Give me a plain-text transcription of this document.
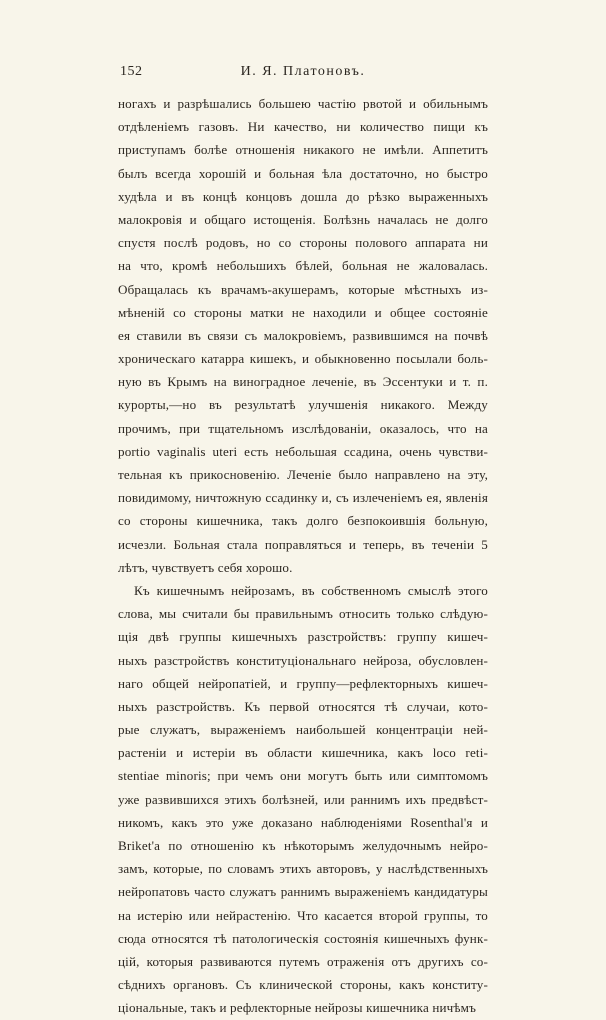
152	И. Я. Платоновъ.
ногахъ и разрѣшались большею частію рвотой и обильнымъ
отдѣленіемъ газовъ. Ни качество, ни количество пищи къ
приступамъ болѣе отношенія никакого не имѣли. Аппетитъ
былъ всегда хорошій и больная ѣла достаточно, но быстро
худѣла и въ концѣ концовъ дошла до рѣзко выраженныхъ
малокровія и общаго истощенія. Болѣзнь началась не долго
спустя послѣ родовъ, но со стороны полового аппарата ни
на что, кромѣ небольшихъ бѣлей, больная не жаловалась.
Обращалась къ врачамъ-акушерамъ, которые мѣстныхъ из-
мѣненій со стороны матки не находили и общее состояніе
ея ставили въ связи съ малокровіемъ, развившимся на почвѣ
хроническаго катарра кишекъ, и обыкновенно посылали боль-
ную въ Крымъ на виноградное леченіе, въ Эссентуки и т. п.
курорты,—но въ результатѣ улучшенія никакого. Между
прочимъ, при тщательномъ изслѣдованіи, оказалось, что на
portio vaginalis uteri есть небольшая ссадина, очень чувстви-
тельная къ прикосновенію. Леченіе было направлено на эту,
повидимому, ничтожную ссадинку и, съ излеченіемъ ея, явленія
со стороны кишечника, такъ долго безпокоившія больную,
исчезли. Больная стала поправляться и теперь, въ теченіи 5
лѣтъ, чувствуетъ себя хорошо.
Къ кишечнымъ нейрозамъ, въ собственномъ смыслѣ этого
слова, мы считали бы правильнымъ относить только слѣдую-
щія двѣ группы кишечныхъ разстройствъ: группу кишеч-
ныхъ разстройствъ конституціональнаго нейроза, обусловлен-
наго общей нейропатіей, и группу—рефлекторныхъ кишеч-
ныхъ разстройствъ. Къ первой относятся тѣ случаи, кото-
рые служатъ, выраженіемъ наибольшей концентраціи ней-
растеніи и истеріи въ области кишечника, какъ loco reti-
stentiae minoris; при чемъ они могутъ быть или симптомомъ
уже развившихся этихъ болѣзней, или раннимъ ихъ предвѣст-
никомъ, какъ это уже доказано наблюденіями Rosenthal'я и
Briket'а по отношенію къ нѣкоторымъ желудочнымъ нейро-
замъ, которые, по словамъ этихъ авторовъ, у наслѣдственныхъ
нейропатовъ часто служатъ раннимъ выраженіемъ кандидатуры
на истерію или нейрастенію. Что касается второй группы, то
сюда относятся тѣ патологическія состоянія кишечныхъ функ-
цій, которыя развиваются путемъ отраженія отъ другихъ со-
сѣднихъ органовъ. Съ клинической стороны, какъ конститу-
ціональные, такъ и рефлекторные нейрозы кишечника ничѣмъ
